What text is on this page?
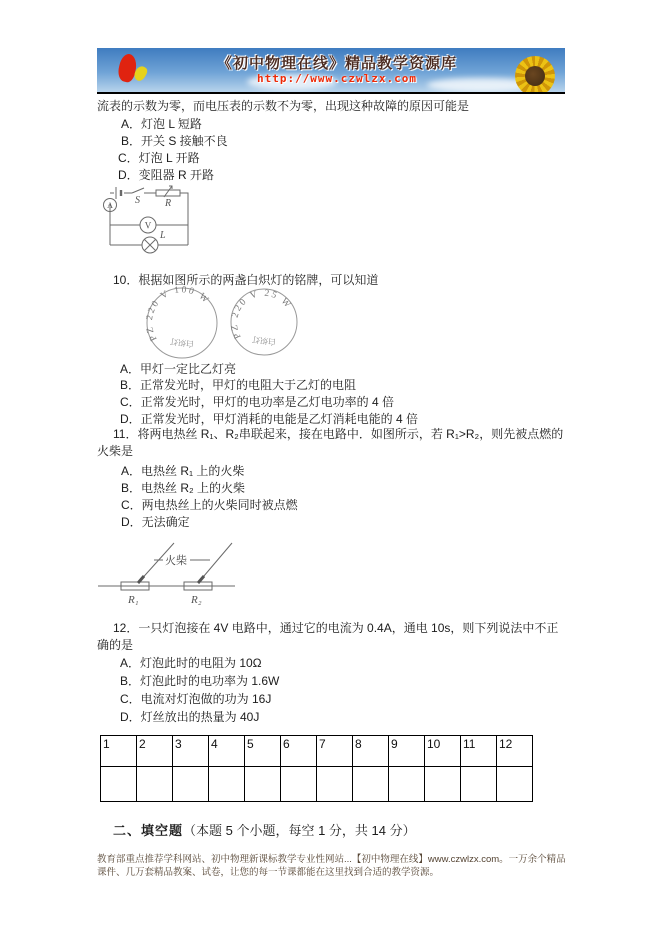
《初中物理在线》精品教学资源库
http://www.czwlzx.com
流表的示数为零，而电压表的示数不为零，出现这种故障的原因可能是
A．灯泡 L 短路
B．开关 S 接触不良
C．灯泡 L 开路
D．变阻器 R 开路
S	R
A
V
L
10．根据如图所示的两盏白炽灯的铭牌，可以知道
PZ 220 V 100 W
PZ 220 V 25 W
白炽灯	白炽灯
A．甲灯一定比乙灯亮
B．正常发光时，甲灯的电阻大于乙灯的电阻
C．正常发光时，甲灯的电功率是乙灯电功率的 4 倍
D．正常发光时，甲灯消耗的电能是乙灯消耗电能的 4 倍
11．将两电热丝 R₁、R₂串联起来，接在电路中．如图所示，若 R₁>R₂，则先被点燃的火柴是
A．电热丝 R₁ 上的火柴
B．电热丝 R₂ 上的火柴
C．两电热丝上的火柴同时被点燃
D．无法确定
火柴
R₁	R₂
12．一只灯泡接在 4V 电路中，通过它的电流为 0.4A，通电 10s，则下列说法中不正确的是
A．灯泡此时的电阻为 10Ω
B．灯泡此时的电功率为 1.6W
C．电流对灯泡做的功为 16J
D．灯丝放出的热量为 40J
1	2	3	4	5	6	7	8	9	10	11	12

二、填空题（本题 5 个小题，每空 1 分，共 14 分）
教育部重点推荐学科网站、初中物理新课标教学专业性网站...【初中物理在线】www.czwlzx.com。一万余个精品课件、几万套精品教案、试卷，让您的每一节课都能在这里找到合适的教学资源。
